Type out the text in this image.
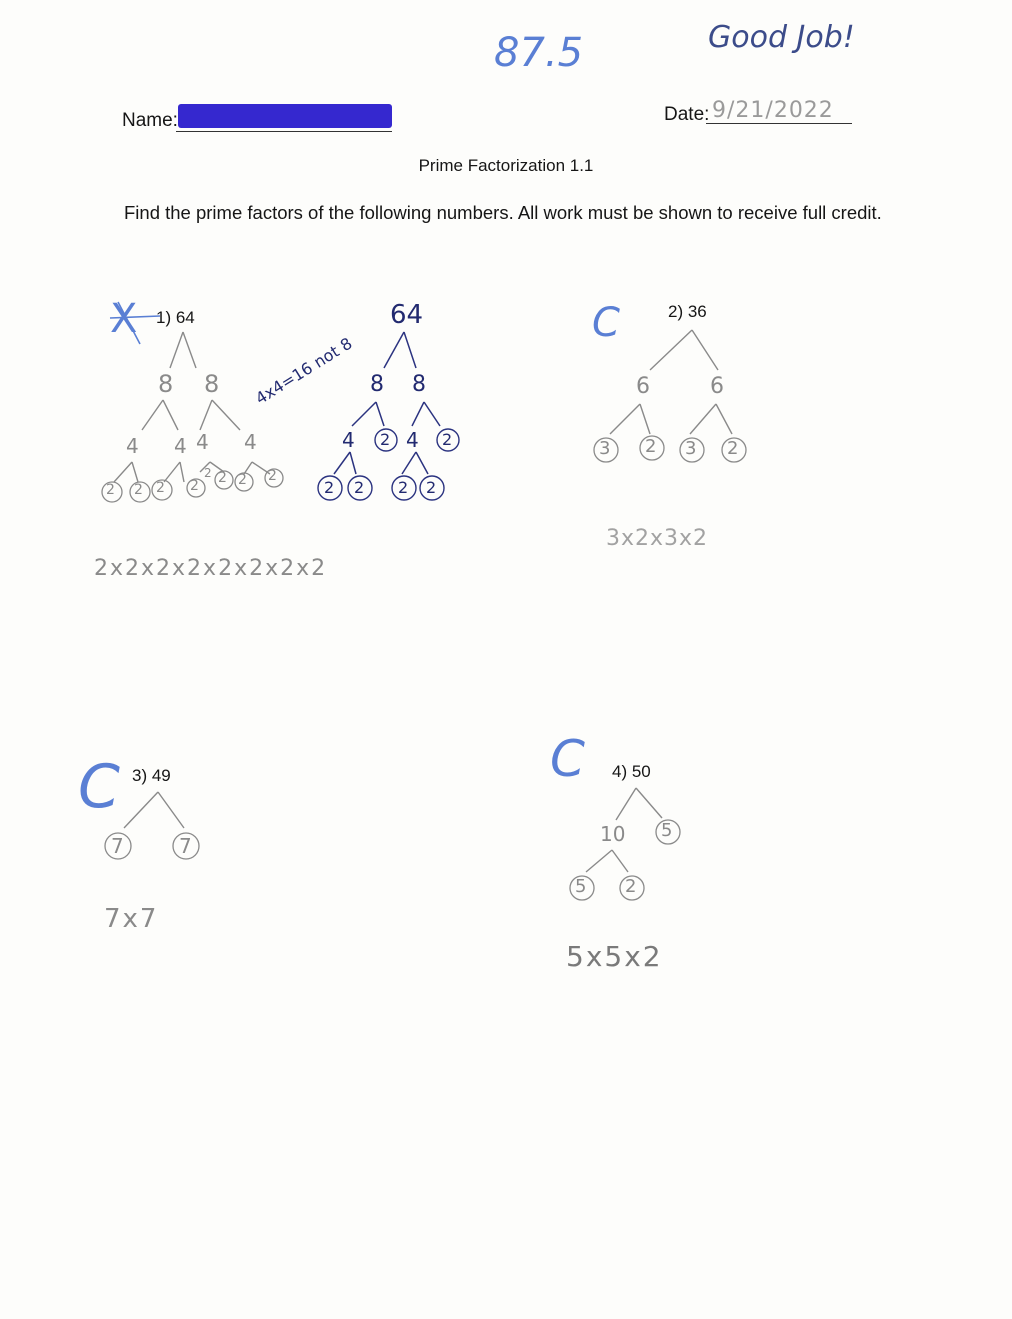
Name:	Date: 9/21/2022
87.5	Good Job!
Prime Factorization 1.1
Find the prime factors of the following numbers. All work must be shown to receive full credit.
X 1) 64
8 8
4 4 4 4
2 2 2 2
2 2 2 2
2x2x2x2x2x2x2x2
4x4=16 not 8
64
8 8
4 2 4 2
2 2 2 2
C	2) 36
6	6
3 2 3 2
3x2x3x2
C 3) 49
7	7
7x7
C 4) 50
10 5
5 2
5x5x2
